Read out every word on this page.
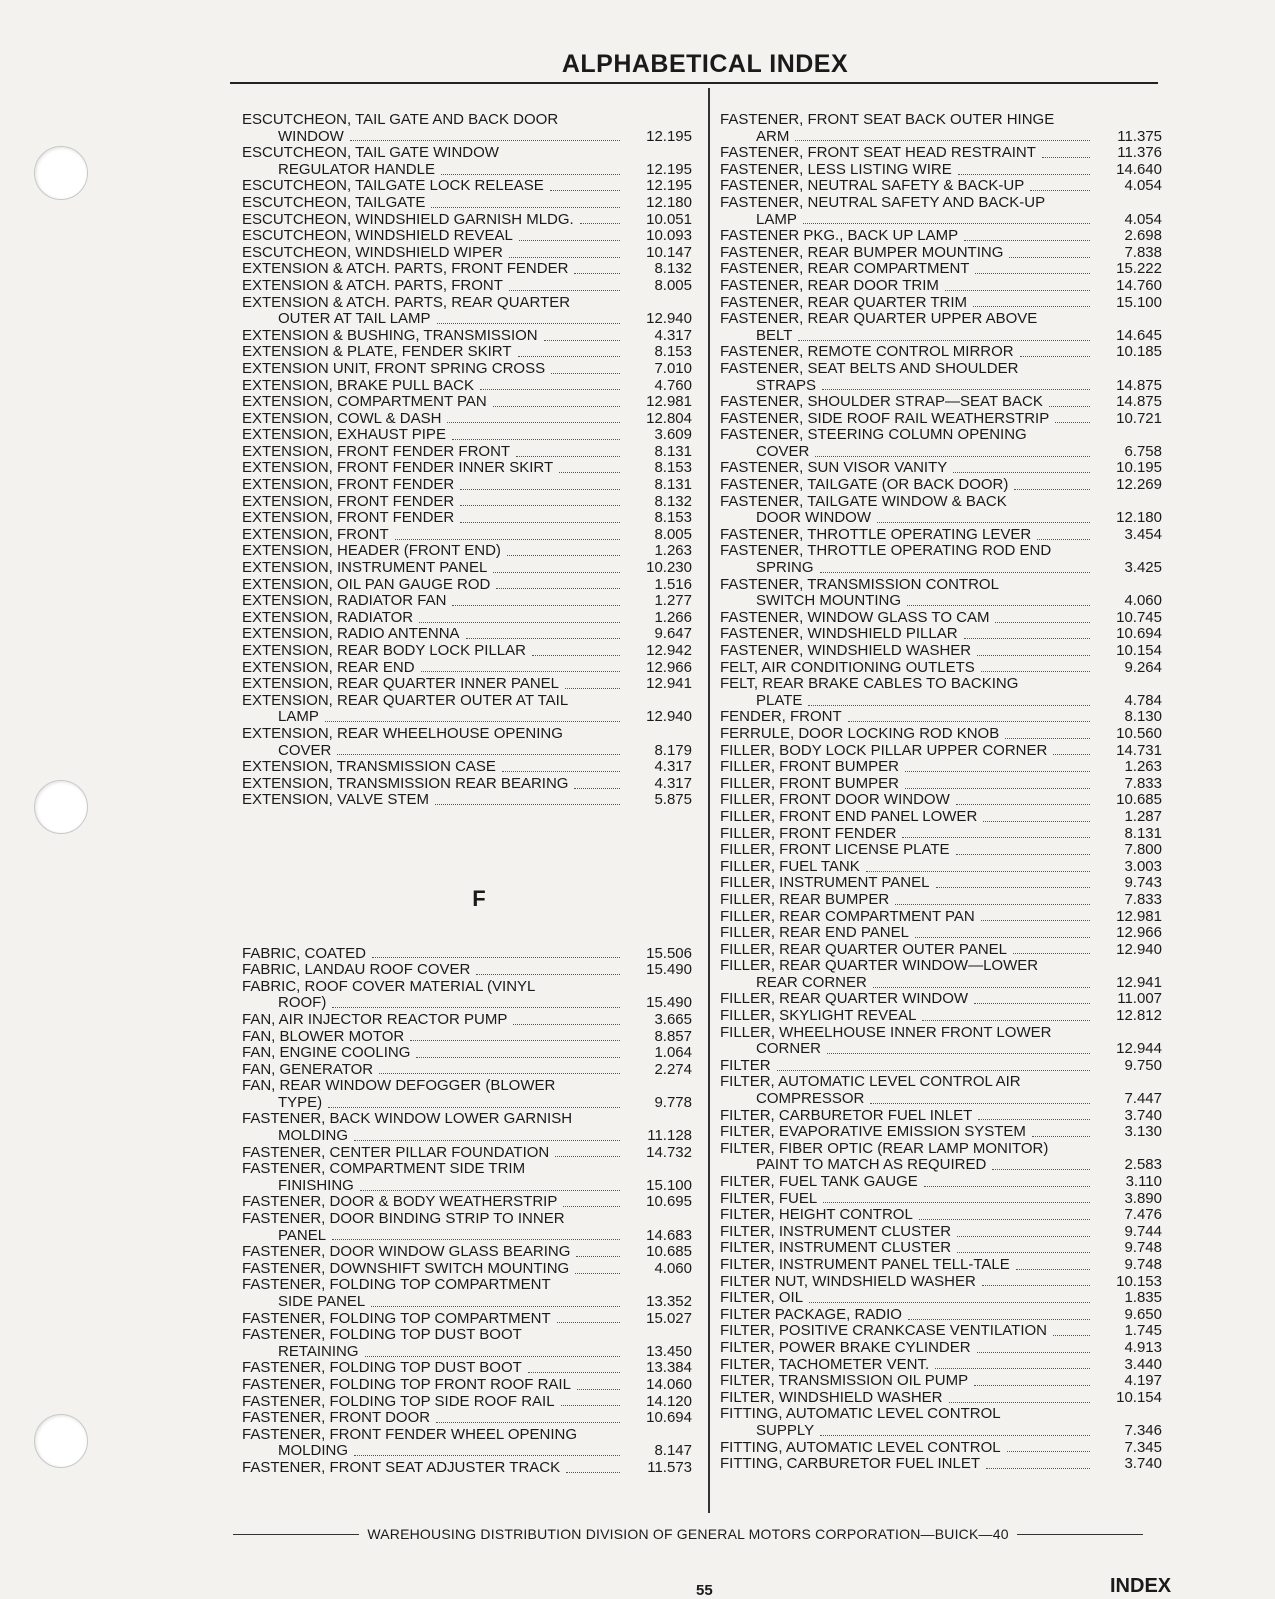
ALPHABETICAL INDEX
ESCUTCHEON, TAIL GATE AND BACK DOOR
WINDOW	12.195
ESCUTCHEON, TAIL GATE WINDOW
REGULATOR HANDLE	12.195
ESCUTCHEON, TAILGATE LOCK RELEASE	12.195
ESCUTCHEON, TAILGATE	12.180
ESCUTCHEON, WINDSHIELD GARNISH MLDG.	10.051
ESCUTCHEON, WINDSHIELD REVEAL	10.093
ESCUTCHEON, WINDSHIELD WIPER	10.147
EXTENSION & ATCH. PARTS, FRONT FENDER	8.132
EXTENSION & ATCH. PARTS, FRONT	8.005
EXTENSION & ATCH. PARTS, REAR QUARTER
OUTER AT TAIL LAMP	12.940
EXTENSION & BUSHING, TRANSMISSION	4.317
EXTENSION & PLATE, FENDER SKIRT	8.153
EXTENSION UNIT, FRONT SPRING CROSS	7.010
EXTENSION, BRAKE PULL BACK	4.760
EXTENSION, COMPARTMENT PAN	12.981
EXTENSION, COWL & DASH	12.804
EXTENSION, EXHAUST PIPE	3.609
EXTENSION, FRONT FENDER FRONT	8.131
EXTENSION, FRONT FENDER INNER SKIRT	8.153
EXTENSION, FRONT FENDER	8.131
EXTENSION, FRONT FENDER	8.132
EXTENSION, FRONT FENDER	8.153
EXTENSION, FRONT	8.005
EXTENSION, HEADER (FRONT END)	1.263
EXTENSION, INSTRUMENT PANEL	10.230
EXTENSION, OIL PAN GAUGE ROD	1.516
EXTENSION, RADIATOR FAN	1.277
EXTENSION, RADIATOR	1.266
EXTENSION, RADIO ANTENNA	9.647
EXTENSION, REAR BODY LOCK PILLAR	12.942
EXTENSION, REAR END	12.966
EXTENSION, REAR QUARTER INNER PANEL	12.941
EXTENSION, REAR QUARTER OUTER AT TAIL
LAMP	12.940
EXTENSION, REAR WHEELHOUSE OPENING
COVER	8.179
EXTENSION, TRANSMISSION CASE	4.317
EXTENSION, TRANSMISSION REAR BEARING	4.317
EXTENSION, VALVE STEM	5.875
F
FABRIC, COATED	15.506
FABRIC, LANDAU ROOF COVER	15.490
FABRIC, ROOF COVER MATERIAL (VINYL
ROOF)	15.490
FAN, AIR INJECTOR REACTOR PUMP	3.665
FAN, BLOWER MOTOR	8.857
FAN, ENGINE COOLING	1.064
FAN, GENERATOR	2.274
FAN, REAR WINDOW DEFOGGER (BLOWER
TYPE)	9.778
FASTENER, BACK WINDOW LOWER GARNISH
MOLDING	11.128
FASTENER, CENTER PILLAR FOUNDATION	14.732
FASTENER, COMPARTMENT SIDE TRIM
FINISHING	15.100
FASTENER, DOOR & BODY WEATHERSTRIP	10.695
FASTENER, DOOR BINDING STRIP TO INNER
PANEL	14.683
FASTENER, DOOR WINDOW GLASS BEARING	10.685
FASTENER, DOWNSHIFT SWITCH MOUNTING	4.060
FASTENER, FOLDING TOP COMPARTMENT
SIDE PANEL	13.352
FASTENER, FOLDING TOP COMPARTMENT	15.027
FASTENER, FOLDING TOP DUST BOOT
RETAINING	13.450
FASTENER, FOLDING TOP DUST BOOT	13.384
FASTENER, FOLDING TOP FRONT ROOF RAIL	14.060
FASTENER, FOLDING TOP SIDE ROOF RAIL	14.120
FASTENER, FRONT DOOR	10.694
FASTENER, FRONT FENDER WHEEL OPENING
MOLDING	8.147
FASTENER, FRONT SEAT ADJUSTER TRACK	11.573
FASTENER, FRONT SEAT BACK OUTER HINGE
ARM	11.375
FASTENER, FRONT SEAT HEAD RESTRAINT	11.376
FASTENER, LESS LISTING WIRE	14.640
FASTENER, NEUTRAL SAFETY & BACK-UP	4.054
FASTENER, NEUTRAL SAFETY AND BACK-UP
LAMP	4.054
FASTENER PKG., BACK UP LAMP	2.698
FASTENER, REAR BUMPER MOUNTING	7.838
FASTENER, REAR COMPARTMENT	15.222
FASTENER, REAR DOOR TRIM	14.760
FASTENER, REAR QUARTER TRIM	15.100
FASTENER, REAR QUARTER UPPER ABOVE
BELT	14.645
FASTENER, REMOTE CONTROL MIRROR	10.185
FASTENER, SEAT BELTS AND SHOULDER
STRAPS	14.875
FASTENER, SHOULDER STRAP—SEAT BACK	14.875
FASTENER, SIDE ROOF RAIL WEATHERSTRIP	10.721
FASTENER, STEERING COLUMN OPENING
COVER	6.758
FASTENER, SUN VISOR VANITY	10.195
FASTENER, TAILGATE (OR BACK DOOR)	12.269
FASTENER, TAILGATE WINDOW & BACK
DOOR WINDOW	12.180
FASTENER, THROTTLE OPERATING LEVER	3.454
FASTENER, THROTTLE OPERATING ROD END
SPRING	3.425
FASTENER, TRANSMISSION CONTROL
SWITCH MOUNTING	4.060
FASTENER, WINDOW GLASS TO CAM	10.745
FASTENER, WINDSHIELD PILLAR	10.694
FASTENER, WINDSHIELD WASHER	10.154
FELT, AIR CONDITIONING OUTLETS	9.264
FELT, REAR BRAKE CABLES TO BACKING
PLATE	4.784
FENDER, FRONT	8.130
FERRULE, DOOR LOCKING ROD KNOB	10.560
FILLER, BODY LOCK PILLAR UPPER CORNER	14.731
FILLER, FRONT BUMPER	1.263
FILLER, FRONT BUMPER	7.833
FILLER, FRONT DOOR WINDOW	10.685
FILLER, FRONT END PANEL LOWER	1.287
FILLER, FRONT FENDER	8.131
FILLER, FRONT LICENSE PLATE	7.800
FILLER, FUEL TANK	3.003
FILLER, INSTRUMENT PANEL	9.743
FILLER, REAR BUMPER	7.833
FILLER, REAR COMPARTMENT PAN	12.981
FILLER, REAR END PANEL	12.966
FILLER, REAR QUARTER OUTER PANEL	12.940
FILLER, REAR QUARTER WINDOW—LOWER
REAR CORNER	12.941
FILLER, REAR QUARTER WINDOW	11.007
FILLER, SKYLIGHT REVEAL	12.812
FILLER, WHEELHOUSE INNER FRONT LOWER
CORNER	12.944
FILTER	9.750
FILTER, AUTOMATIC LEVEL CONTROL AIR
COMPRESSOR	7.447
FILTER, CARBURETOR FUEL INLET	3.740
FILTER, EVAPORATIVE EMISSION SYSTEM	3.130
FILTER, FIBER OPTIC (REAR LAMP MONITOR)
PAINT TO MATCH AS REQUIRED	2.583
FILTER, FUEL TANK GAUGE	3.110
FILTER, FUEL	3.890
FILTER, HEIGHT CONTROL	7.476
FILTER, INSTRUMENT CLUSTER	9.744
FILTER, INSTRUMENT CLUSTER	9.748
FILTER, INSTRUMENT PANEL TELL-TALE	9.748
FILTER NUT, WINDSHIELD WASHER	10.153
FILTER, OIL	1.835
FILTER PACKAGE, RADIO	9.650
FILTER, POSITIVE CRANKCASE VENTILATION	1.745
FILTER, POWER BRAKE CYLINDER	4.913
FILTER, TACHOMETER VENT.	3.440
FILTER, TRANSMISSION OIL PUMP	4.197
FILTER, WINDSHIELD WASHER	10.154
FITTING, AUTOMATIC LEVEL CONTROL
SUPPLY	7.346
FITTING, AUTOMATIC LEVEL CONTROL	7.345
FITTING, CARBURETOR FUEL INLET	3.740
WAREHOUSING DISTRIBUTION DIVISION OF GENERAL MOTORS CORPORATION—BUICK—40
55	INDEX
